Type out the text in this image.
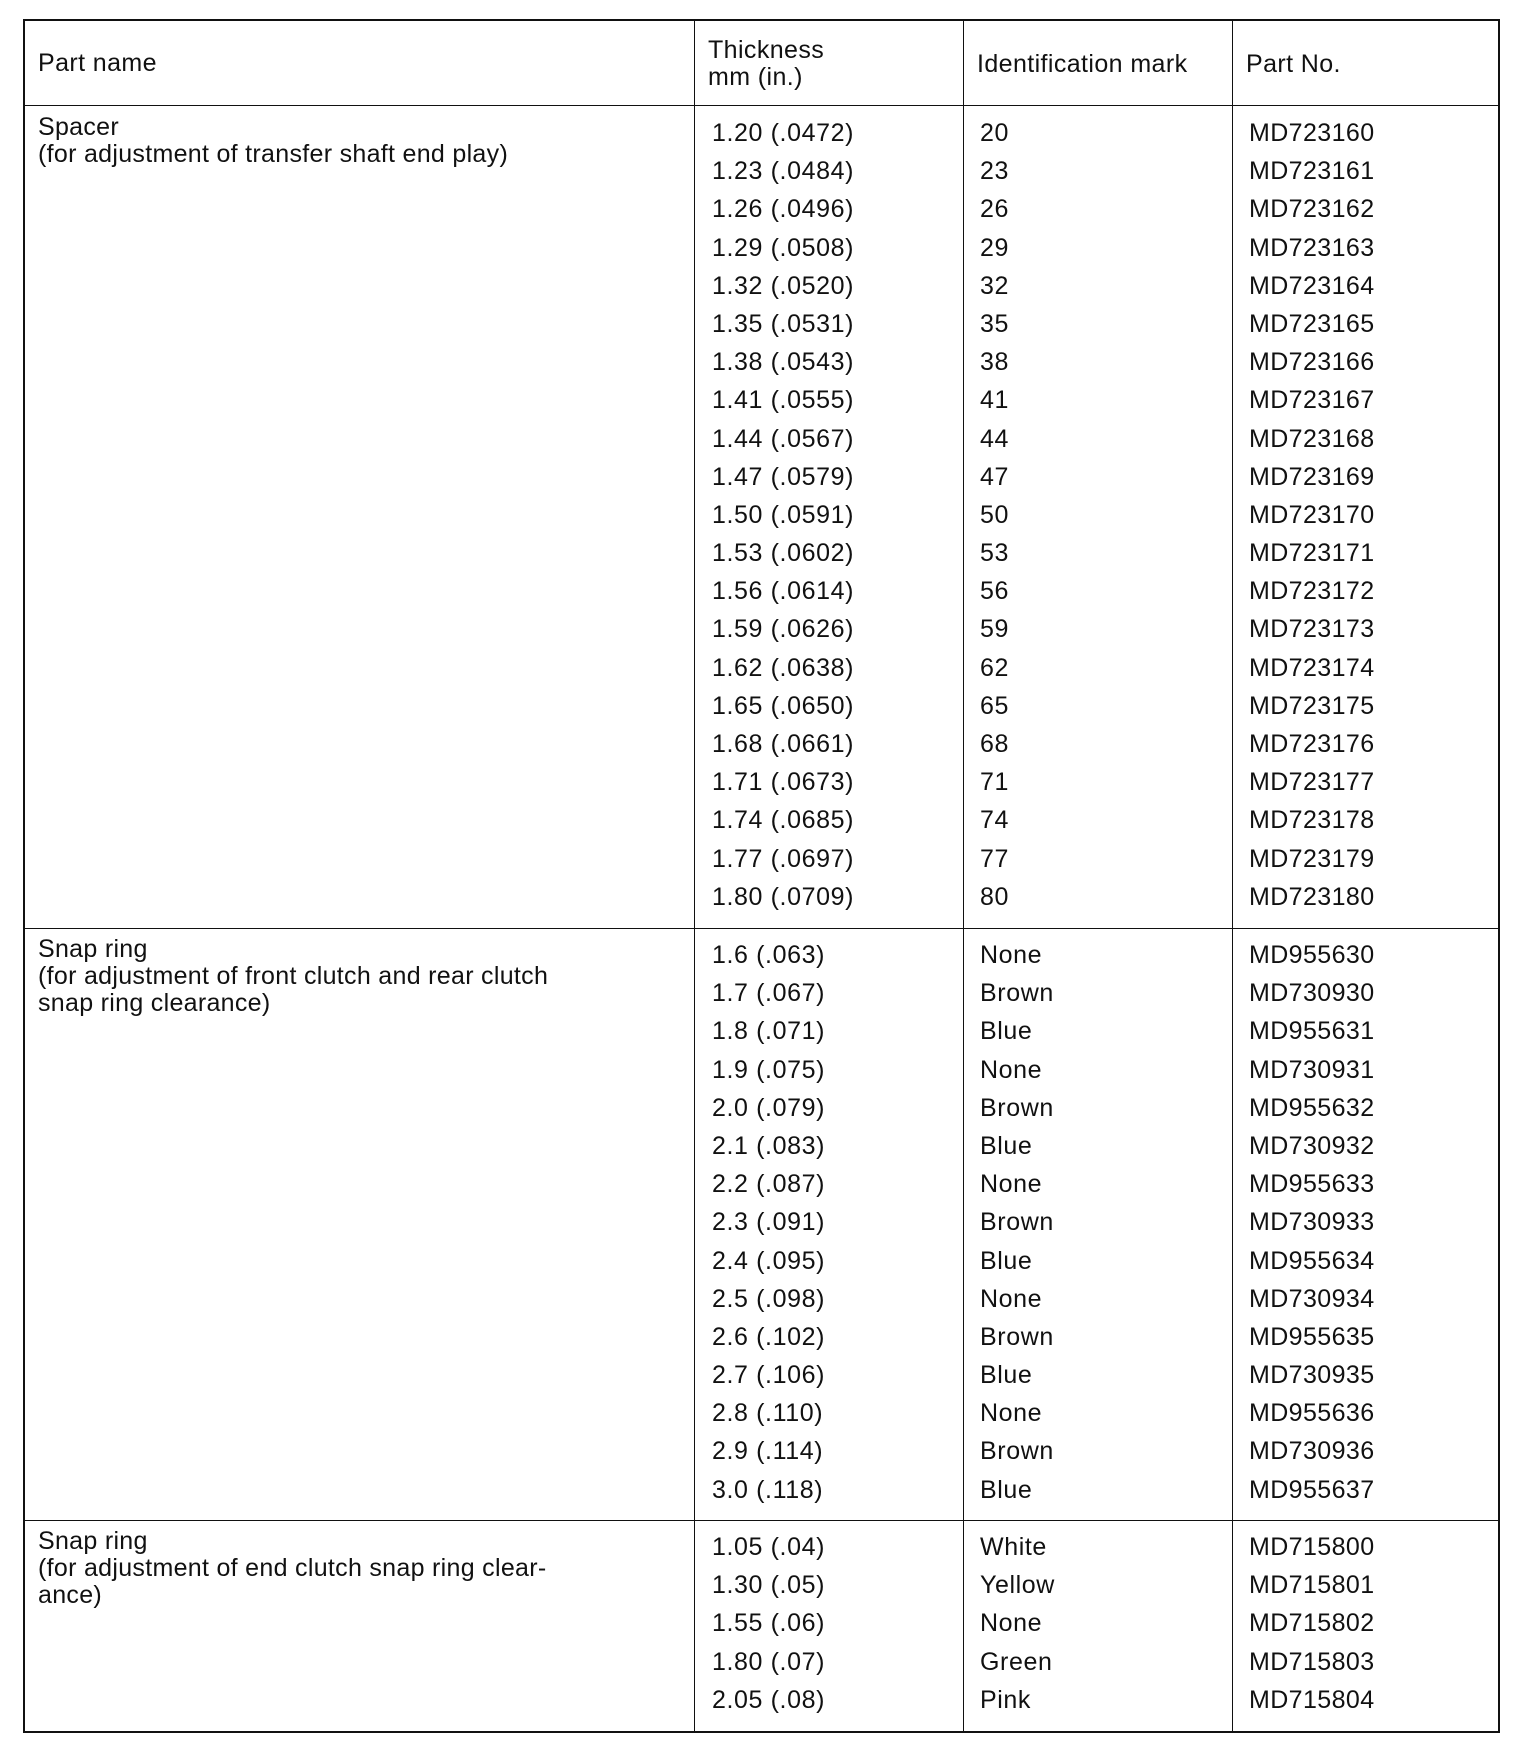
Part name	Thickness
mm (in.)	Identification mark Part No.
Spacer
(for adjustment of transfer shaft end play)
1.20 (.0472)
1.23 (.0484)
1.26 (.0496)
1.29 (.0508)
1.32 (.0520)
1.35 (.0531)
1.38 (.0543)
1.41 (.0555)
1.44 (.0567)
1.47 (.0579)
1.50 (.0591)
1.53 (.0602)
1.56 (.0614)
1.59 (.0626)
1.62 (.0638)
1.65 (.0650)
1.68 (.0661)
1.71 (.0673)
1.74 (.0685)
1.77 (.0697)
1.80 (.0709)
20
23
26
29
32
35
38
41
44
47
50
53
56
59
62
65
68
71
74
77
80
MD723160
MD723161
MD723162
MD723163
MD723164
MD723165
MD723166
MD723167
MD723168
MD723169
MD723170
MD723171
MD723172
MD723173
MD723174
MD723175
MD723176
MD723177
MD723178
MD723179
MD723180
Snap ring
(for adjustment of front clutch and rear clutch
snap ring clearance)
1.6 (.063)
1.7 (.067)
1.8 (.071)
1.9 (.075)
2.0 (.079)
2.1 (.083)
2.2 (.087)
2.3 (.091)
2.4 (.095)
2.5 (.098)
2.6 (.102)
2.7 (.106)
2.8 (.110)
2.9 (.114)
3.0 (.118)
None
Brown
Blue
None
Brown
Blue
None
Brown
Blue
None
Brown
Blue
None
Brown
Blue
MD955630
MD730930
MD955631
MD730931
MD955632
MD730932
MD955633
MD730933
MD955634
MD730934
MD955635
MD730935
MD955636
MD730936
MD955637
Snap ring
(for adjustment of end clutch snap ring clear-
ance)
1.05 (.04)
1.30 (.05)
1.55 (.06)
1.80 (.07)
2.05 (.08)
White
Yellow
None
Green
Pink
MD715800
MD715801
MD715802
MD715803
MD715804
